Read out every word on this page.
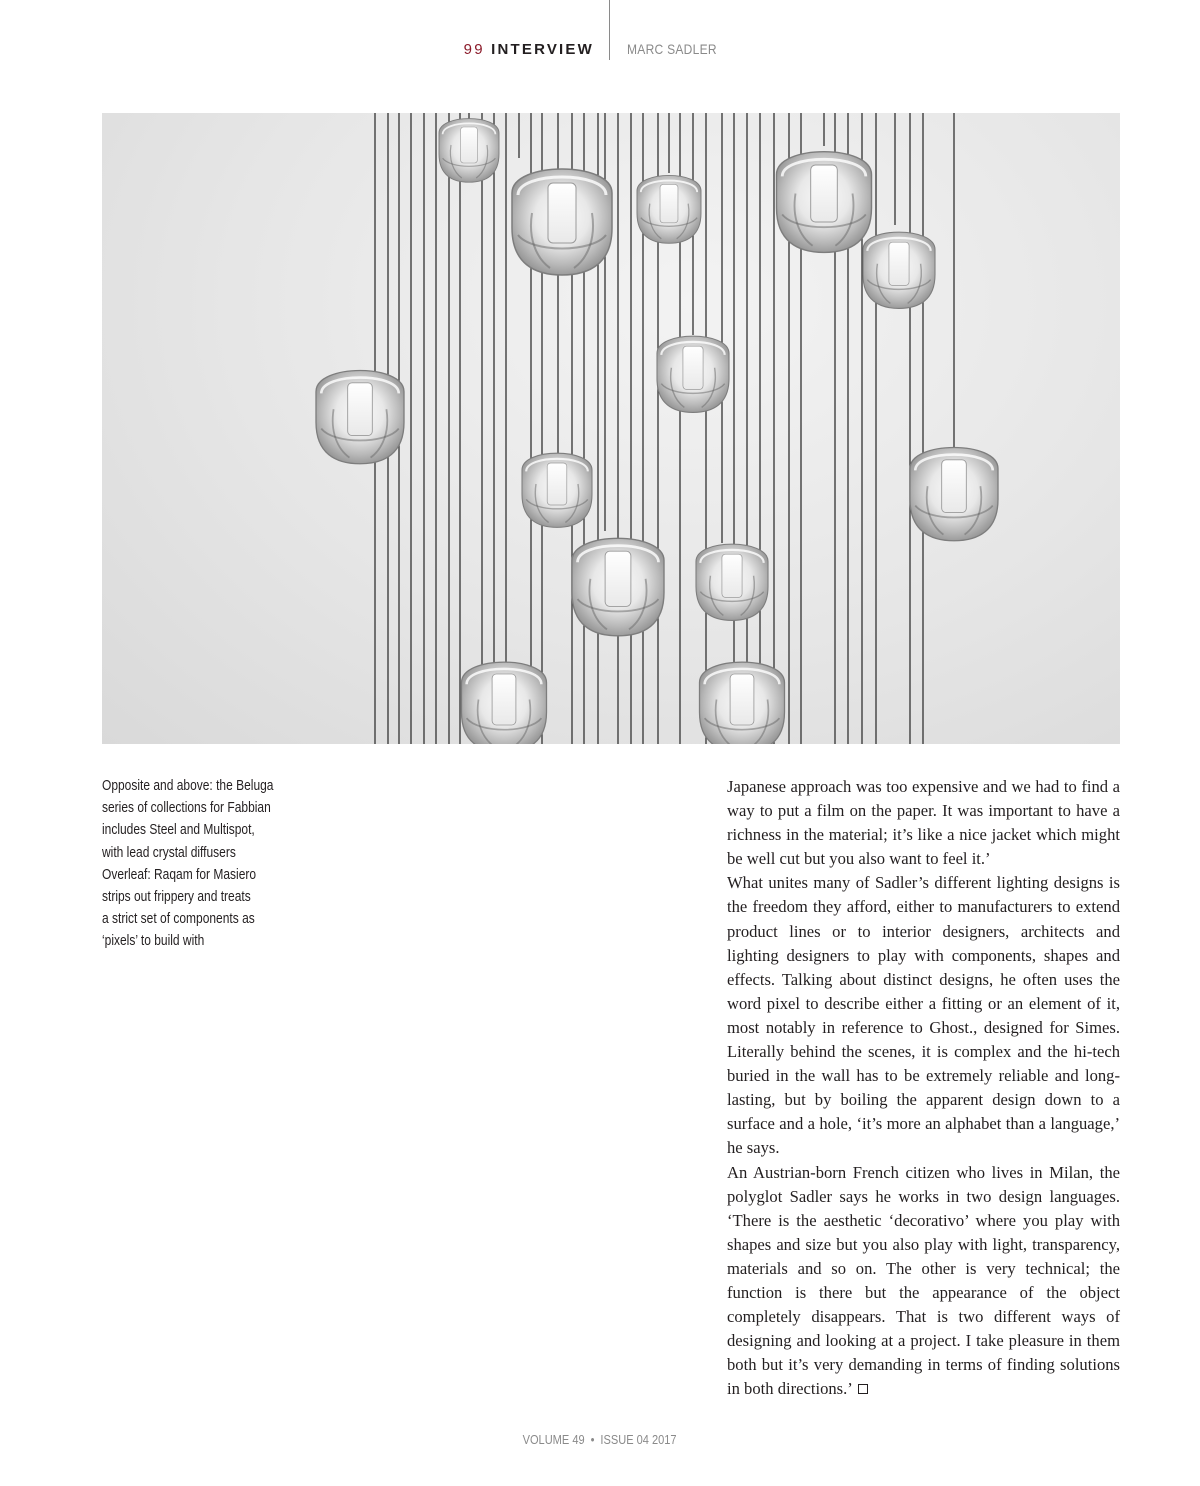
99 INTERVIEW MARC SADLER
Opposite and above: the Beluga
series of collections for Fabbian
includes Steel and Multispot,
with lead crystal diffusers
Overleaf: Raqam for Masiero
strips out frippery and treats
a strict set of components as
‘pixels’ to build with

Japanese approach was too expensive and we had to find a way to put a film on the paper. It was important to have a richness in the material; it’s like a nice jacket which might be well cut but you also want to feel it.’

What unites many of Sadler’s different lighting designs is the freedom they afford, either to manufacturers to extend product lines or to interior designers, architects and lighting designers to play with components, shapes and effects. Talking about distinct designs, he often uses the word pixel to describe either a fitting or an element of it, most notably in reference to Ghost., designed for Simes. Literally behind the scenes, it is complex and the hi-tech buried in the wall has to be extremely reliable and long-lasting, but by boiling the apparent design down to a surface and a hole, ‘it’s more an alphabet than a language,’ he says.

An Austrian-born French citizen who lives in Milan, the polyglot Sadler says he works in two design languages. ‘There is the aesthetic ‘decorativo’ where you play with shapes and size but you also play with light, transparency, materials and so on. The other is very technical; the function is there but the appearance of the object completely disappears. That is two different ways of designing and looking at a project. I take pleasure in them both but it’s very demanding in terms of finding solutions in both directions.’

VOLUME 49 • ISSUE 04 2017
